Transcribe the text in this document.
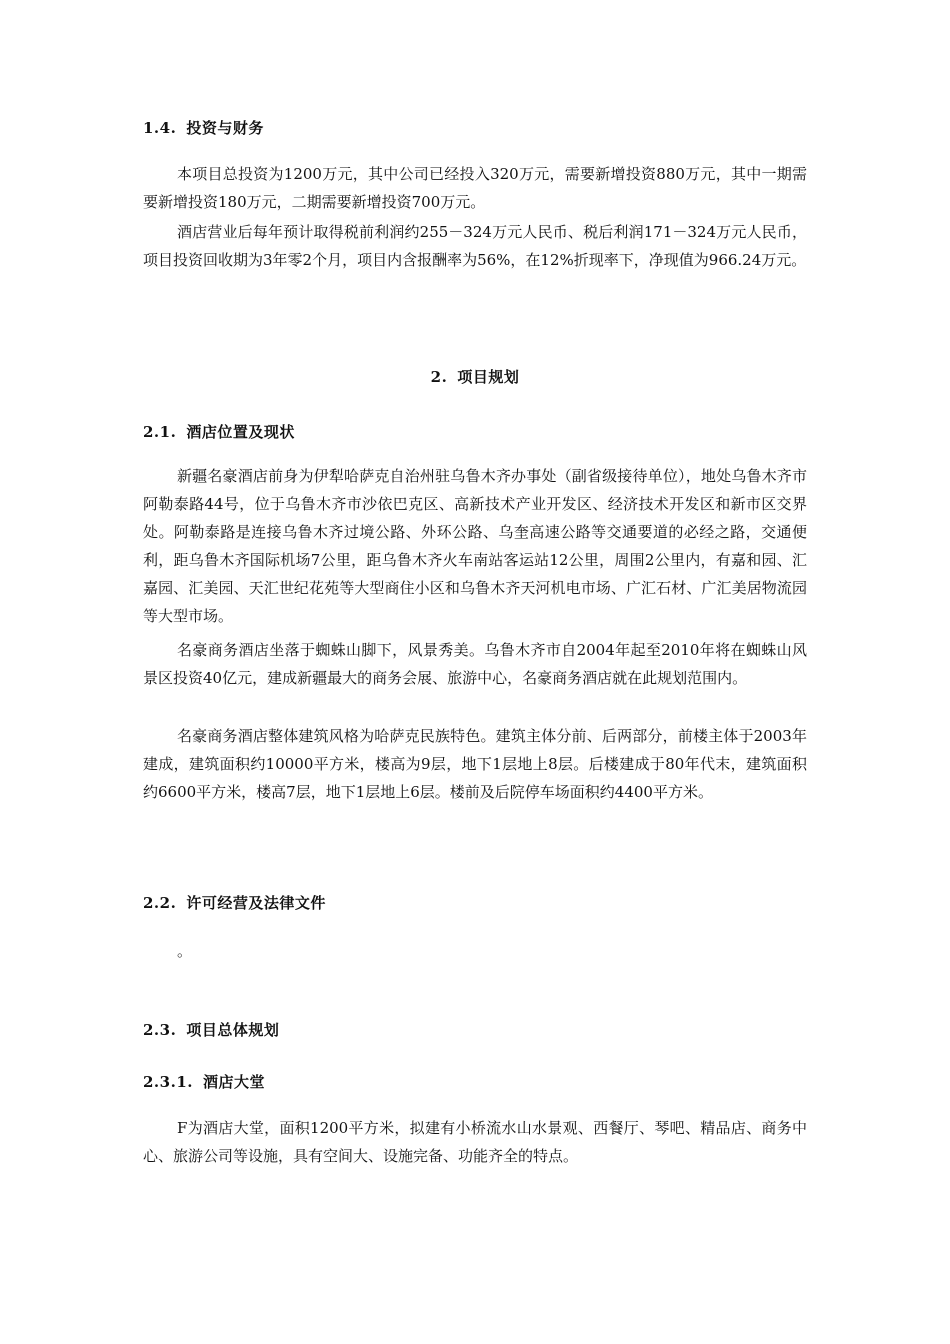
1.4. 投资与财务

本项目总投资为1200万元，其中公司已经投入320万元，需要新增投资880万元，其中一期需要新增投资180万元，二期需要新增投资700万元。

酒店营业后每年预计取得税前利润约255－324万元人民币、税后利润171－324万元人民币，项目投资回收期为3年零2个月，项目内含报酬率为56%，在12%折现率下，净现值为966.24万元。

2. 项目规划
2.1. 酒店位置及现状

新疆名豪酒店前身为伊犁哈萨克自治州驻乌鲁木齐办事处（副省级接待单位），地处乌鲁木齐市阿勒泰路44号，位于乌鲁木齐市沙依巴克区、高新技术产业开发区、经济技术开发区和新市区交界处。阿勒泰路是连接乌鲁木齐过境公路、外环公路、乌奎高速公路等交通要道的必经之路，交通便利，距乌鲁木齐国际机场7公里，距乌鲁木齐火车南站客运站12公里，周围2公里内，有嘉和园、汇嘉园、汇美园、天汇世纪花苑等大型商住小区和乌鲁木齐天河机电市场、广汇石材、广汇美居物流园等大型市场。

名豪商务酒店坐落于蜘蛛山脚下，风景秀美。乌鲁木齐市自2004年起至2010年将在蜘蛛山风景区投资40亿元，建成新疆最大的商务会展、旅游中心，名豪商务酒店就在此规划范围内。

名豪商务酒店整体建筑风格为哈萨克民族特色。建筑主体分前、后两部分，前楼主体于2003年建成，建筑面积约10000平方米，楼高为9层，地下1层地上8层。后楼建成于80年代末，建筑面积约6600平方米，楼高7层，地下1层地上6层。楼前及后院停车场面积约4400平方米。

2.2. 许可经营及法律文件

。

2.3. 项目总体规划
2.3.1. 酒店大堂

F为酒店大堂，面积1200平方米，拟建有小桥流水山水景观、西餐厅、琴吧、精品店、商务中心、旅游公司等设施，具有空间大、设施完备、功能齐全的特点。
